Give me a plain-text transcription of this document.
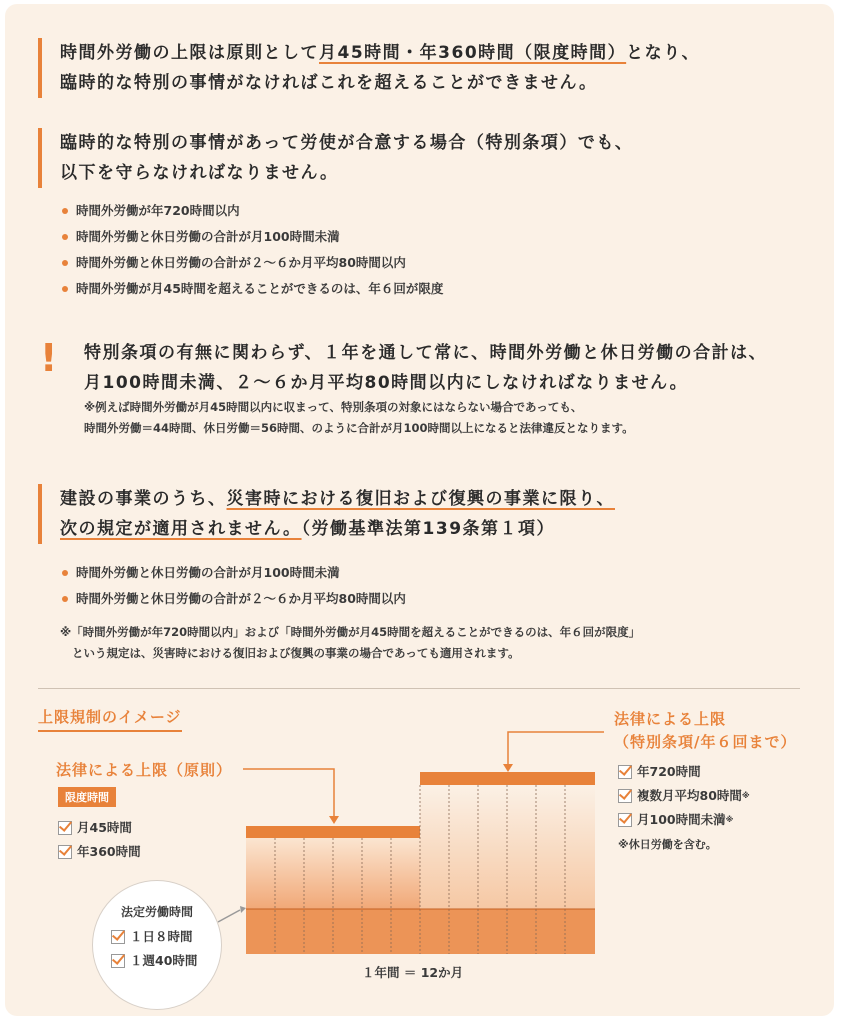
時間外労働の上限は原則として月45時間・年360時間（限度時間）となり、
臨時的な特別の事情がなければこれを超えることができません。
臨時的な特別の事情があって労使が合意する場合（特別条項）でも、
以下を守らなければなりません。
時間外労働が年720時間以内
時間外労働と休日労働の合計が月100時間未満
時間外労働と休日労働の合計が２～６か月平均80時間以内
時間外労働が月45時間を超えることができるのは、年６回が限度
! 特別条項の有無に関わらず、１年を通して常に、時間外労働と休日労働の合計は、
月100時間未満、２～６か月平均80時間以内にしなければなりません。
※例えば時間外労働が月45時間以内に収まって、特別条項の対象にはならない場合であっても、
時間外労働＝44時間、休日労働＝56時間、のように合計が月100時間以上になると法律違反となります。
建設の事業のうち、災害時における復旧および復興の事業に限り、
次の規定が適用されません。（労働基準法第139条第１項）
時間外労働と休日労働の合計が月100時間未満
時間外労働と休日労働の合計が２～６か月平均80時間以内
※「時間外労働が年720時間以内」および「時間外労働が月45時間を超えることができるのは、年６回が限度」
という規定は、災害時における復旧および復興の事業の場合であっても適用されます。
上限規制のイメージ
法律による上限（原則）
限度時間
月45時間
年360時間
法律による上限
（特別条項/年６回まで）
年720時間
複数月平均80時間 ※
月100時間未満 ※
※休日労働を含む。
法定労働時間
１日８時間
１週40時間
１年間 ＝ 12か月
